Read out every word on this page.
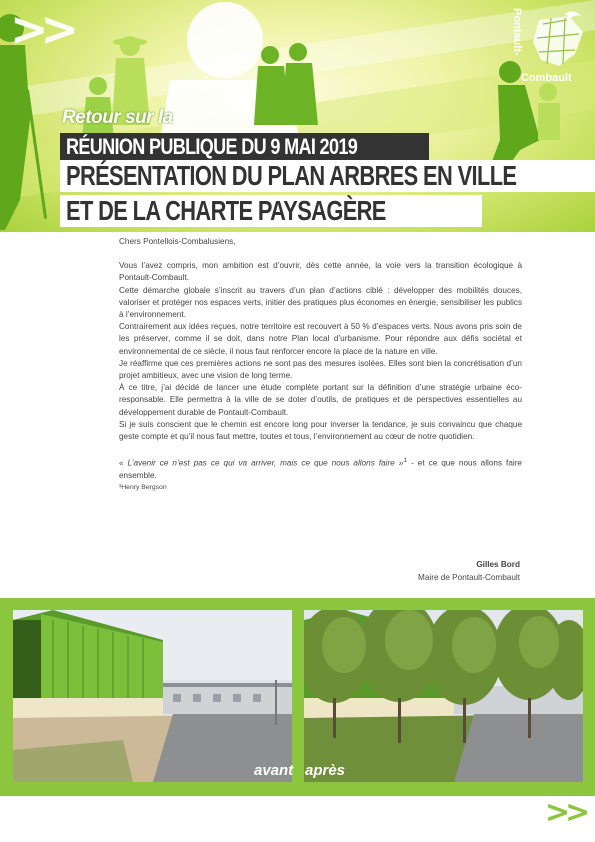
>>	Pontault-
Combault
Retour sur la
RÉUNION PUBLIQUE DU 9 MAI 2019
PRÉSENTATION DU PLAN ARBRES EN VILLE
ET DE LA CHARTE PAYSAGÈRE

Chers Pontellois-Combalusiens,

Vous l’avez compris, mon ambition est d’ouvrir, dès cette année, la voie vers la transition écologique à Pontault-Combault.

Cette démarche globale s’inscrit au travers d’un plan d’actions ciblé : développer des mobilités douces, valoriser et protéger nos espaces verts, initier des pratiques plus économes en énergie, sensibiliser les publics à l’environnement.

Contrairement aux idées reçues, notre territoire est recouvert à 50 % d’espaces verts. Nous avons pris soin de les préserver, comme il se doit, dans notre Plan local d’urbanisme. Pour répondre aux défis sociétal et environnemental de ce siècle, il nous faut renforcer encore la place de la nature en ville.

Je réaffirme que ces premières actions ne sont pas des mesures isolées. Elles sont bien la concrétisation d’un projet ambitieux, avec une vision de long terme.

À ce titre, j’ai décidé de lancer une étude complète portant sur la définition d’une stratégie urbaine éco-responsable. Elle permettra à la ville de se doter d’outils, de pratiques et de perspectives essentielles au développement durable de Pontault-Combault.

Si je suis conscient que le chemin est encore long pour inverser la tendance, je suis convaincu que chaque geste compte et qu’il nous faut mettre, toutes et tous, l’environnement au cœur de notre quotidien.

« L’avenir ce n’est pas ce qui va arriver, mais ce que nous allons faire »$^1$ - et ce que nous allons faire ensemble.

¹Henry Bergson

Gilles Bord
Maire de Pontault-Combault
avant après
>>
